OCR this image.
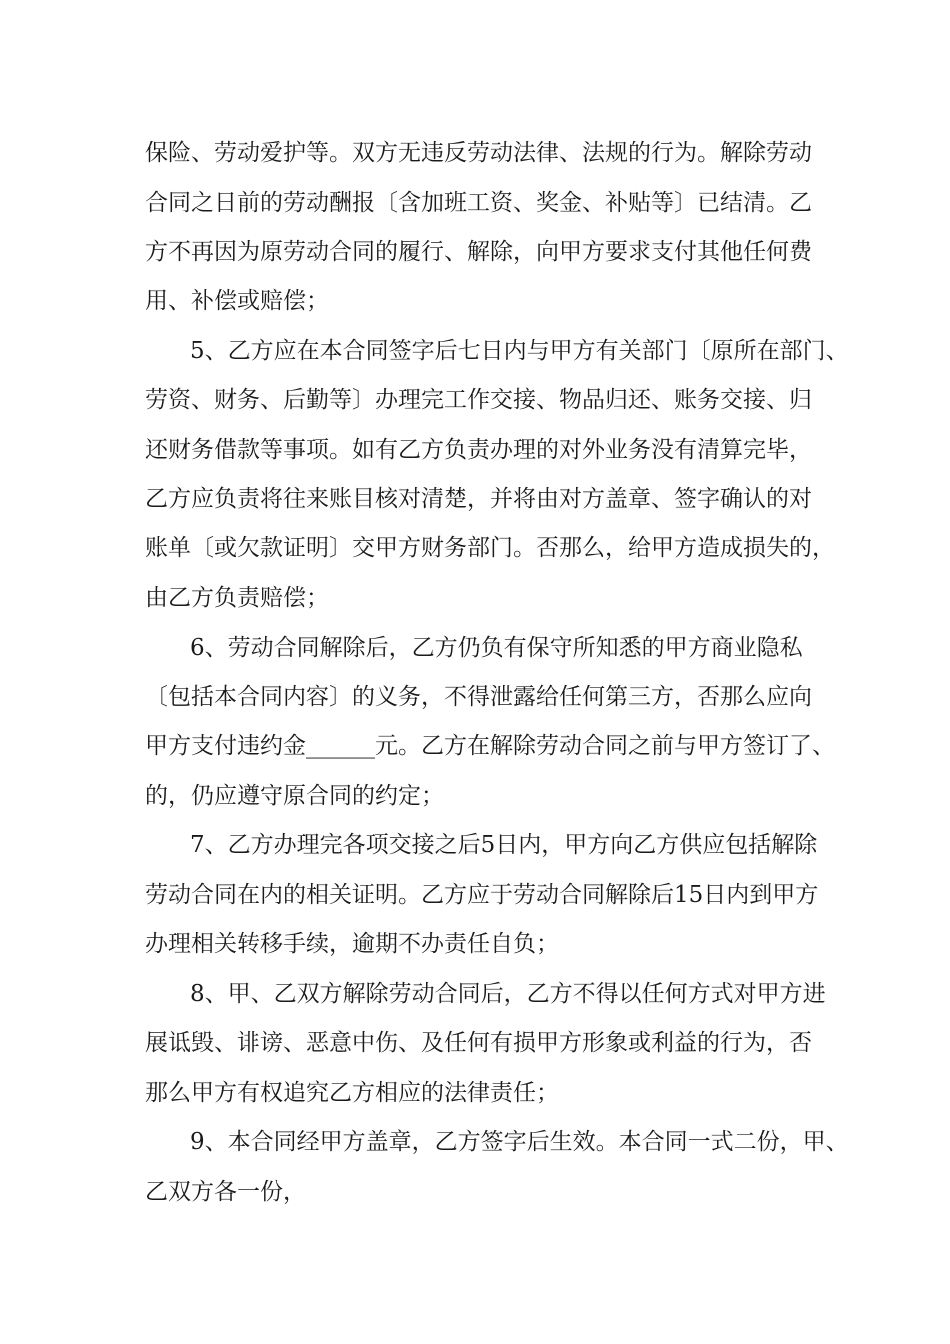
保险、劳动爱护等。双方无违反劳动法律、法规的行为。解除劳动
合同之日前的劳动酬报〔含加班工资、奖金、补贴等〕已结清。乙
方不再因为原劳动合同的履行、解除，向甲方要求支付其他任何费
用、补偿或赔偿；
5、乙方应在本合同签字后七日内与甲方有关部门〔原所在部门、
劳资、财务、后勤等〕办理完工作交接、物品归还、账务交接、归
还财务借款等事项。如有乙方负责办理的对外业务没有清算完毕，
乙方应负责将往来账目核对清楚，并将由对方盖章、签字确认的对
账单〔或欠款证明〕交甲方财务部门。否那么，给甲方造成损失的，
由乙方负责赔偿；
6、劳动合同解除后，乙方仍负有保守所知悉的甲方商业隐私
〔包括本合同内容〕的义务，不得泄露给任何第三方，否那么应向
甲方支付违约金______元。乙方在解除劳动合同之前与甲方签订了、
的，仍应遵守原合同的约定；
7、乙方办理完各项交接之后5日内，甲方向乙方供应包括解除
劳动合同在内的相关证明。乙方应于劳动合同解除后15日内到甲方
办理相关转移手续，逾期不办责任自负；
8、甲、乙双方解除劳动合同后，乙方不得以任何方式对甲方进
展诋毁、诽谤、恶意中伤、及任何有损甲方形象或利益的行为，否
那么甲方有权追究乙方相应的法律责任；
9、本合同经甲方盖章，乙方签字后生效。本合同一式二份，甲、
乙双方各一份，
